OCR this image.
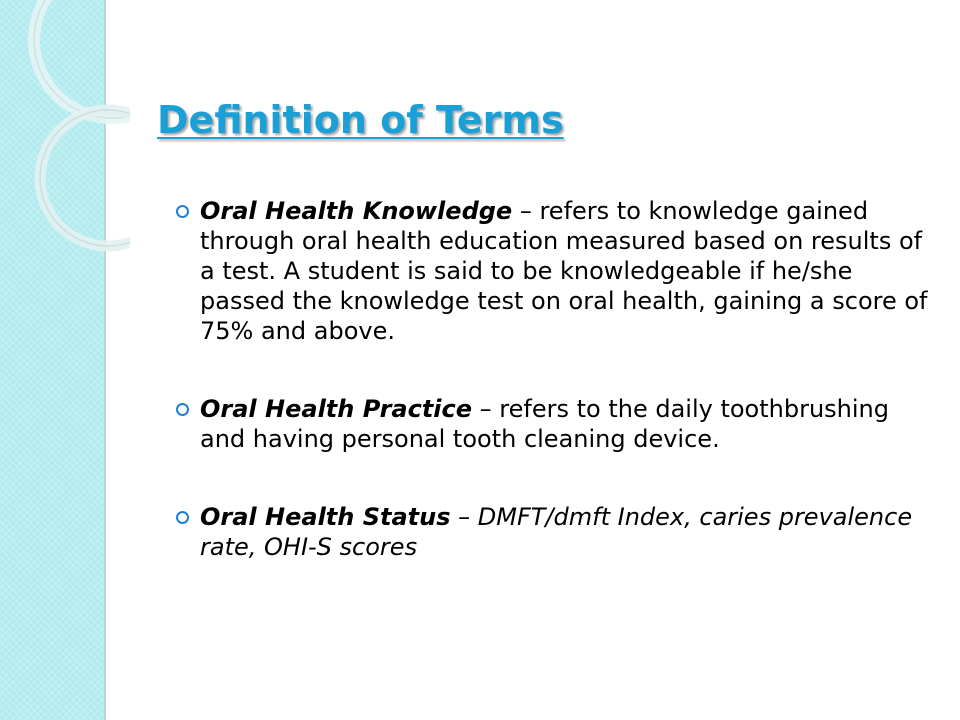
Definition of Terms
Oral Health Knowledge – refers to knowledge gained through oral health education measured based on results of a test. A student is said to be knowledgeable if he/she passed the knowledge test on oral health, gaining a score of 75% and above.
Oral Health Practice – refers to the daily toothbrushing and having personal tooth cleaning device.
Oral Health Status – DMFT/dmft Index, caries prevalence rate, OHI-S scores
